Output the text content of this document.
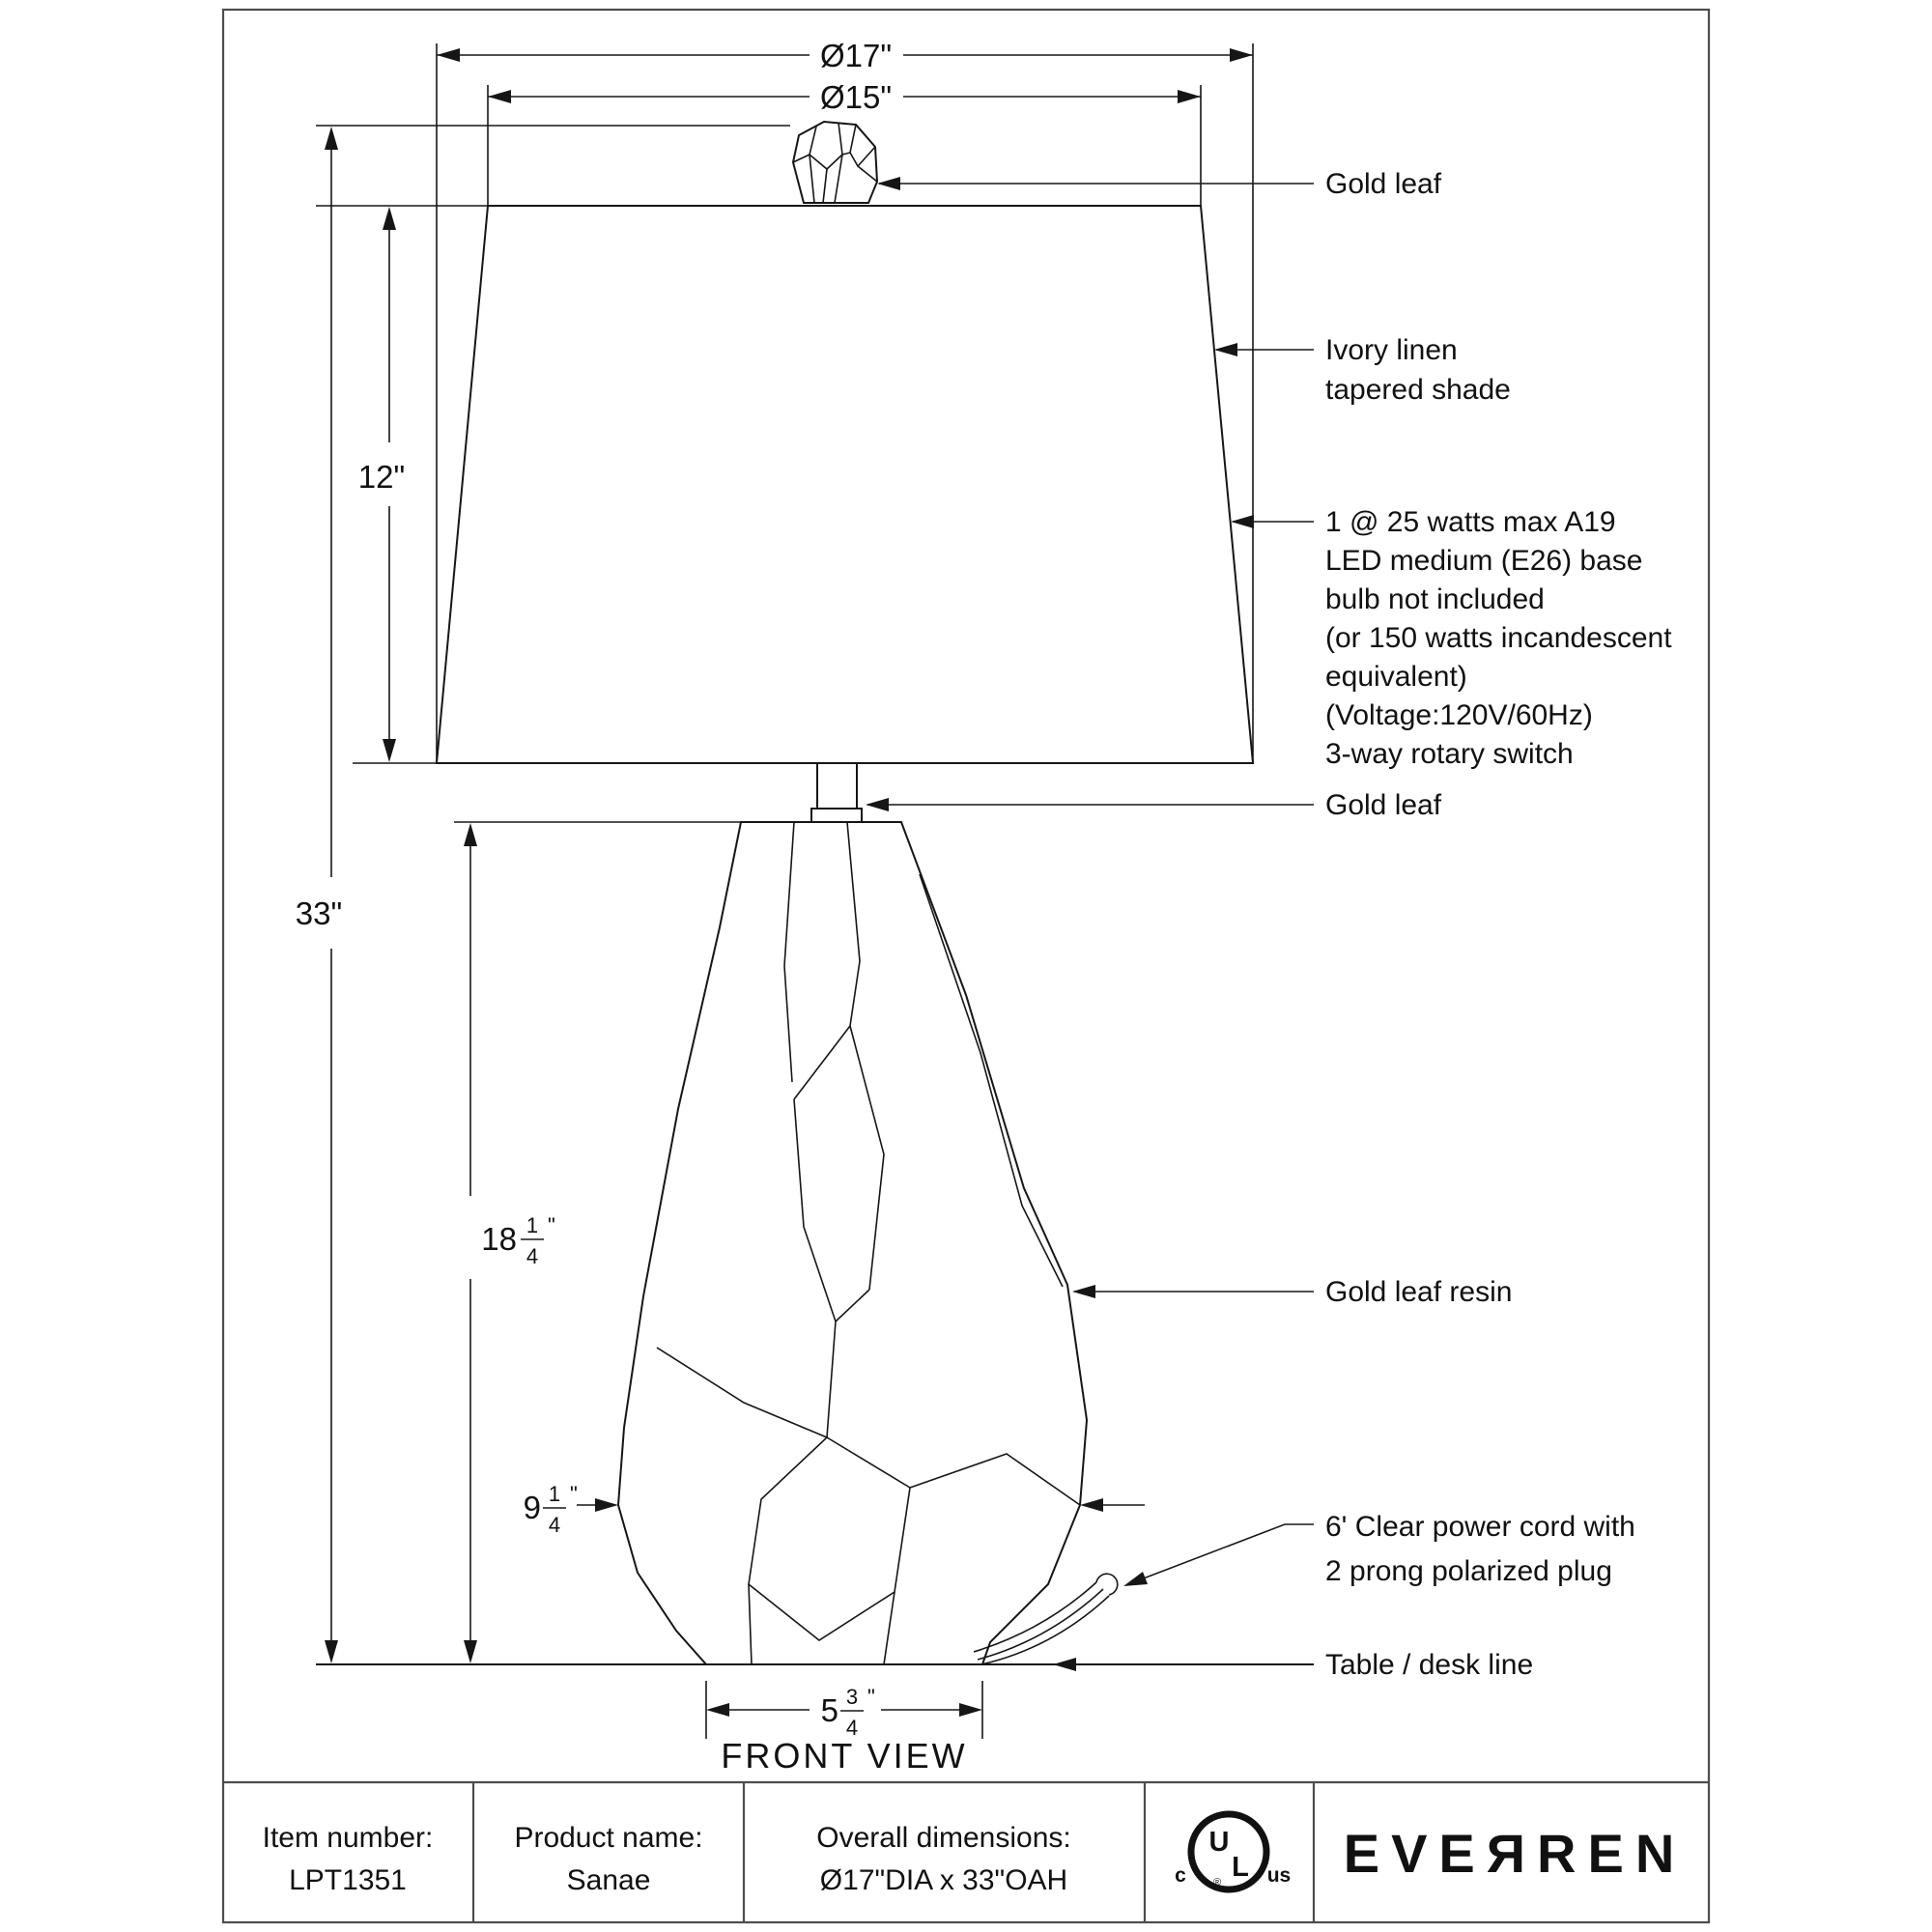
Ø17"
Ø15"
33"
12"
18 1
4
"
9 1
4
"
5 3
4
"
FRONT VIEW
Gold leaf
Ivory linen
tapered shade
1 @ 25 watts max A19
LED medium (E26) base
bulb not included
(or 150 watts incandescent
equivalent)
(Voltage:120V/60Hz)
3-way rotary switch
Gold leaf
Gold leaf resin
6' Clear power cord with
2 prong polarized plug
Table / desk line
Item number:
LPT1351
Product name:
Sanae
Overall dimensions:
Ø17"DIA x 33"OAH
U
L
c	us
® EVEЯREN
